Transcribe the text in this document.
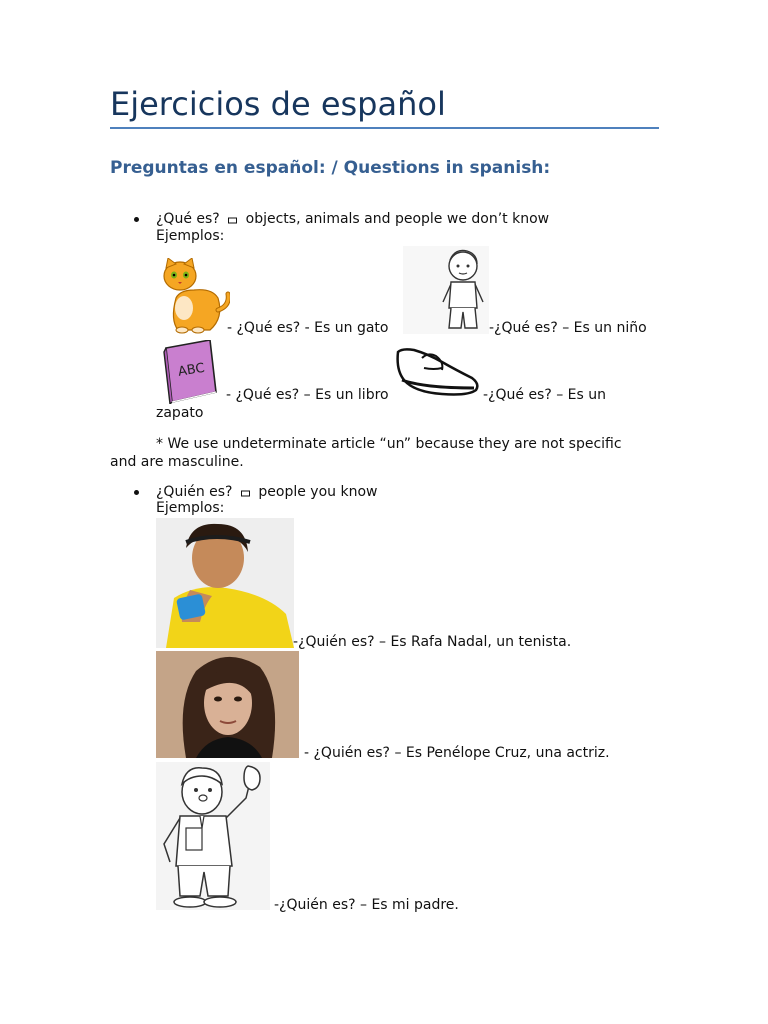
Ejercicios de español
Preguntas en español: / Questions in spanish:
¿Qué es? objects, animals and people we don’t know
Ejemplos:
- ¿Qué es? - Es un gato	-¿Qué es? – Es un niño
ABC
- ¿Qué es? – Es un libro	-¿Qué es? – Es un
zapato
* We use undeterminate article “un” because they are not specific
and are masculine.
¿Quién es? people you know
Ejemplos:
-¿Quién es? – Es Rafa Nadal, un tenista.
- ¿Quién es? – Es Penélope Cruz, una actriz.
-¿Quién es? – Es mi padre.
